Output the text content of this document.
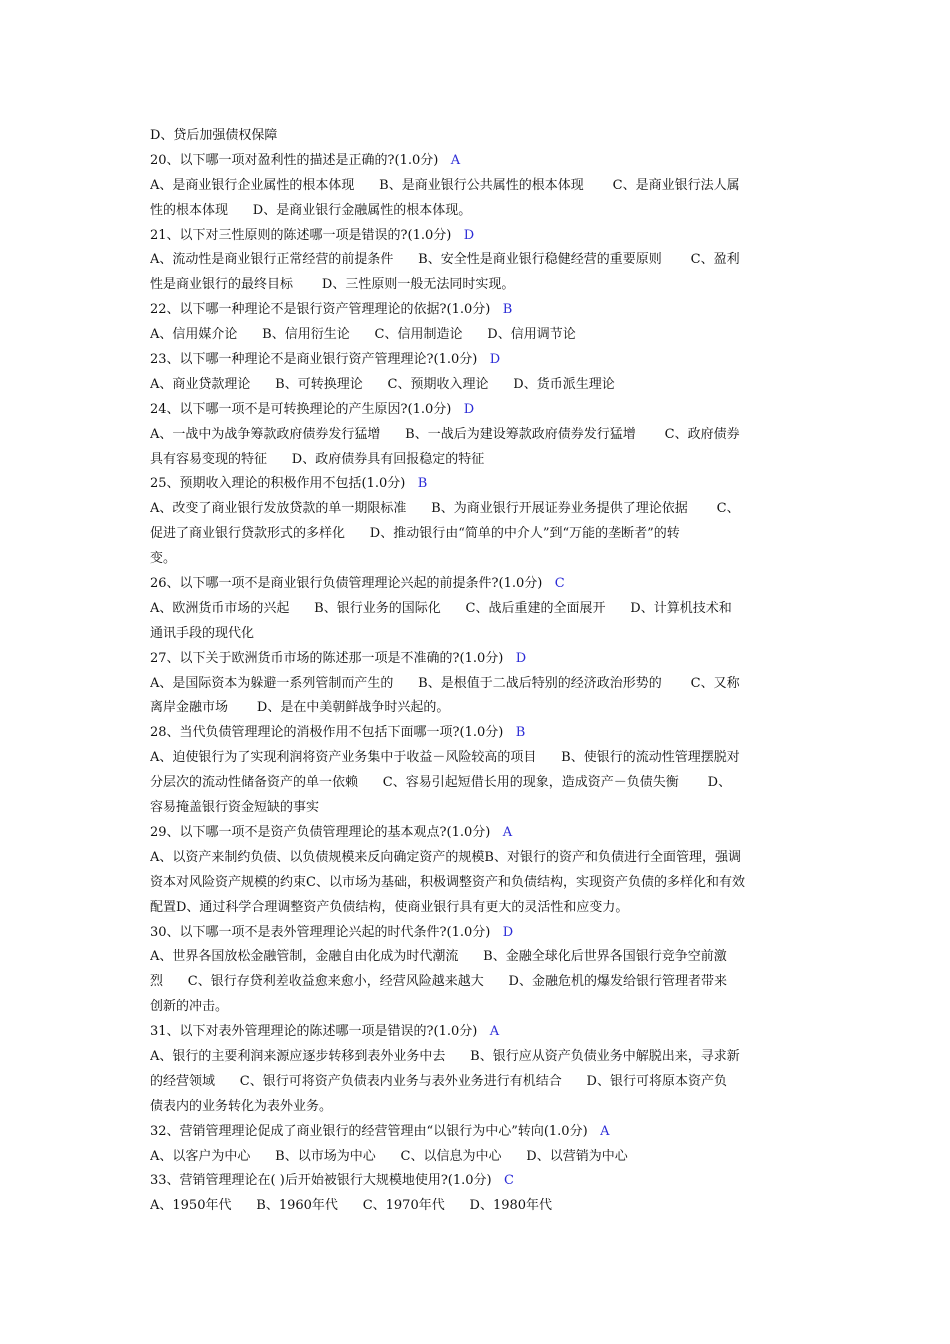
D、贷后加强债权保障
20、以下哪一项对盈利性的描述是正确的?(1.0分)   A
A、是商业银行企业属性的根本体现      B、是商业银行公共属性的根本体现       C、是商业银行法人属
性的根本体现      D、是商业银行金融属性的根本体现。
21、以下对三性原则的陈述哪一项是错误的?(1.0分)   D
A、流动性是商业银行正常经营的前提条件      B、安全性是商业银行稳健经营的重要原则       C、盈利
性是商业银行的最终目标       D、三性原则一般无法同时实现。
22、以下哪一种理论不是银行资产管理理论的依据?(1.0分)   B
A、信用媒介论      B、信用衍生论      C、信用制造论      D、信用调节论
23、以下哪一种理论不是商业银行资产管理理论?(1.0分)   D
A、商业贷款理论      B、可转换理论      C、预期收入理论      D、货币派生理论
24、以下哪一项不是可转换理论的产生原因?(1.0分)   D
A、一战中为战争筹款政府债券发行猛增      B、一战后为建设筹款政府债券发行猛增       C、政府债券
具有容易变现的特征      D、政府债券具有回报稳定的特征
25、预期收入理论的积极作用不包括(1.0分)   B
A、改变了商业银行发放贷款的单一期限标准      B、为商业银行开展证券业务提供了理论依据       C、
促进了商业银行贷款形式的多样化      D、推动银行由“简单的中介人”到“万能的垄断者”的转
变。
26、以下哪一项不是商业银行负债管理理论兴起的前提条件?(1.0分)   C
A、欧洲货币市场的兴起      B、银行业务的国际化      C、战后重建的全面展开      D、计算机技术和
通讯手段的现代化
27、以下关于欧洲货币市场的陈述那一项是不准确的?(1.0分)   D
A、是国际资本为躲避一系列管制而产生的      B、是根值于二战后特别的经济政治形势的       C、又称
离岸金融市场       D、是在中美朝鲜战争时兴起的。
28、当代负债管理理论的消极作用不包括下面哪一项?(1.0分)   B
A、迫使银行为了实现利润将资产业务集中于收益－风险较高的项目      B、使银行的流动性管理摆脱对
分层次的流动性储备资产的单一依赖      C、容易引起短借长用的现象，造成资产－负债失衡       D、
容易掩盖银行资金短缺的事实
29、以下哪一项不是资产负债管理理论的基本观点?(1.0分)   A
A、以资产来制约负债、以负债规模来反向确定资产的规模B、对银行的资产和负债进行全面管理，强调
资本对风险资产规模的约束C、以市场为基础，积极调整资产和负债结构，实现资产负债的多样化和有效
配置D、通过科学合理调整资产负债结构，使商业银行具有更大的灵活性和应变力。
30、以下哪一项不是表外管理理论兴起的时代条件?(1.0分)   D
A、世界各国放松金融管制，金融自由化成为时代潮流      B、金融全球化后世界各国银行竞争空前激
烈      C、银行存贷利差收益愈来愈小，经营风险越来越大      D、金融危机的爆发给银行管理者带来
创新的冲击。
31、以下对表外管理理论的陈述哪一项是错误的?(1.0分)   A
A、银行的主要利润来源应逐步转移到表外业务中去      B、银行应从资产负债业务中解脱出来，寻求新
的经营领域      C、银行可将资产负债表内业务与表外业务进行有机结合      D、银行可将原本资产负
债表内的业务转化为表外业务。
32、营销管理理论促成了商业银行的经营管理由“以银行为中心”转向(1.0分)   A
A、以客户为中心      B、以市场为中心      C、以信息为中心      D、以营销为中心
33、营销管理理论在( )后开始被银行大规模地使用?(1.0分)   C
A、1950年代      B、1960年代      C、1970年代      D、1980年代
